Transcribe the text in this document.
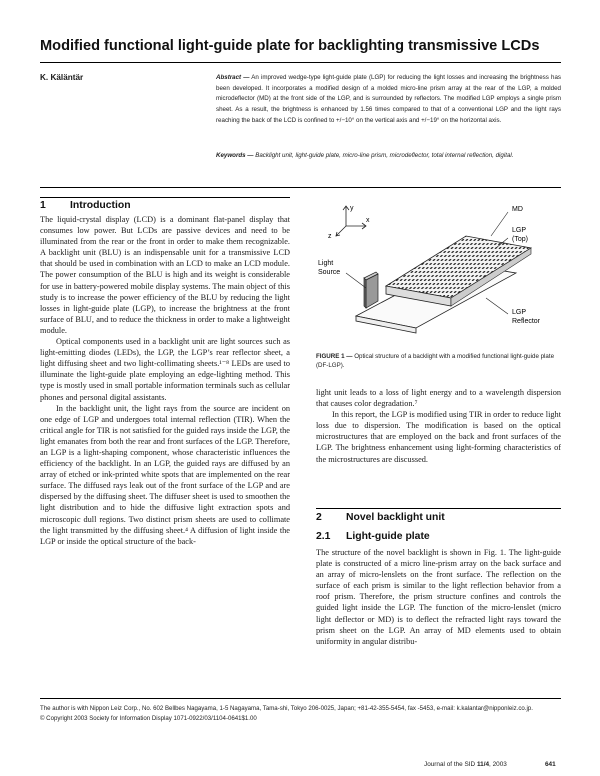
Modified functional light-guide plate for backlighting transmissive LCDs
K. Käläntär	Abstract — An improved wedge-type light-guide plate (LGP) for reducing the light losses and increasing the brightness has been developed. It incorporates a modified design of a molded micro-line prism array at the rear of the LGP, a molded microdeflector (MD) at the front side of the LGP, and is surrounded by reflectors. The modified LGP employs a single prism sheet. As a result, the brightness is enhanced by 1.56 times compared to that of a conventional LGP and the light rays reaching the back of the LCD is confined to +/−10° on the vertical axis and +/−19° on the horizontal axis.
Keywords — Backlight unit, light-guide plate, micro-line prism, microdeflector, total internal reflection, digital.
1 Introduction

The liquid-crystal display (LCD) is a dominant flat-panel display that consumes low power. But LCDs are passive devices and need to be illuminated from the rear or the front in order to make them recognizable. A backlight unit (BLU) is an indispensable unit for a transmissive LCD that should be used in combination with an LCD to make an LCD module. The power consumption of the BLU is high and its weight is considerable for use in battery-powered mobile display systems. The main object of this study is to increase the power efficiency of the BLU by reducing the light losses in light-guide plate (LGP), to increase the brightness at the front surface of BLU, and to reduce the thickness in order to make a lightweight module.

Optical components used in a backlight unit are light sources such as light-emitting diodes (LEDs), the LGP, the LGP’s rear reflector sheet, a light diffusing sheet and two light-collimating sheets.¹⁻⁸ LEDs are used to illuminate the light-guide plate employing an edge-lighting method. This type is mostly used in small portable information terminals such as cellular phones and personal digital assistants.

In the backlight unit, the light rays from the source are incident on one edge of LGP and undergoes total internal reflection (TIR). When the critical angle for TIR is not satisfied for the guided rays inside the LGP, the light emanates from both the rear and front surfaces of the LGP. Therefore, an LGP is a light-shaping component, whose characteristic influences the efficiency of the backlight. In an LGP, the guided rays are diffused by an array of etched or ink-printed white spots that are implemented on the rear surface. The diffused rays leak out of the front surface of the LGP and are dispersed by the diffusing sheet. The diffuser sheet is used to smoothen the light distribution and to hide the diffusive light extraction spots and microscopic dull regions. Two distinct prism sheets are used to collimate the light transmitted by the diffusing sheet.⁴ A diffusion of light inside the LGP or inside the optical structure of the back-

y
x
z
MD
LGP
(Top)
Light
Source
LGP
Reflector
FIGURE 1 — Optical structure of a backlight with a modified functional light-guide plate (DF-LGP).

light unit leads to a loss of light energy and to a wavelength dispersion that causes color degradation.⁷

In this report, the LGP is modified using TIR in order to reduce light loss due to dispersion. The modification is based on the optical microstructures that are employed on the back and front surfaces of the LGP. The brightness enhancement using light-forming characteristics of the microstructures are discussed.

2 Novel backlight unit
2.1 Light-guide plate

The structure of the novel backlight is shown in Fig. 1. The light-guide plate is constructed of a micro line-prism array on the back surface and an array of micro-lenslets on the front surface. The reflection on the surface of each prism is similar to the light reflection behavior from a roof prism. Therefore, the prism structure confines and controls the guided light inside the LGP. The function of the micro-lenslet (micro light deflector or MD) is to deflect the refracted light rays toward the prism sheet on the LGP. An array of MD elements used to obtain uniformity in angular distribu-

The author is with Nippon Leiz Corp., No. 602 Bellbes Nagayama, 1-5 Nagayama, Tama-shi, Tokyo 206-0025, Japan; +81-42-355-5454, fax -5453, e-mail: k.kalantar@nipponleiz.co.jp.
© Copyright 2003 Society for Information Display 1071-0922/03/1104-0641$1.00
Journal of the SID 11/4, 2003	641
